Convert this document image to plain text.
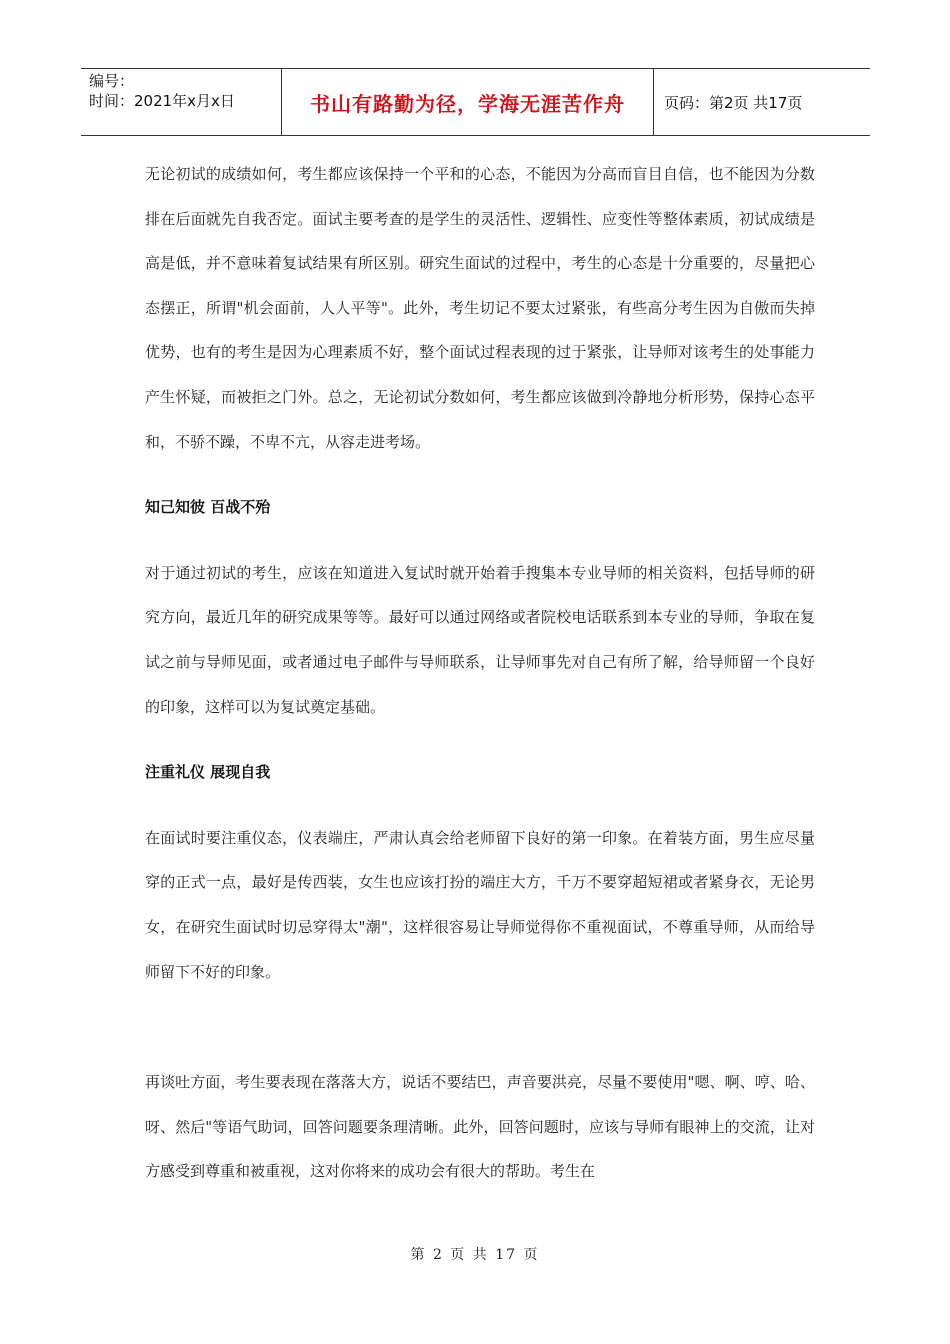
编号：
时间：2021年x月x日	书山有路勤为径，学海无涯苦作舟	页码：第2页 共17页

无论初试的成绩如何，考生都应该保持一个平和的心态，不能因为分高而盲目自信，也不能因为分数排在后面就先自我否定。面试主要考查的是学生的灵活性、逻辑性、应变性等整体素质，初试成绩是高是低，并不意味着复试结果有所区别。研究生面试的过程中，考生的心态是十分重要的，尽量把心态摆正，所谓"机会面前，人人平等"。此外，考生切记不要太过紧张，有些高分考生因为自傲而失掉优势，也有的考生是因为心理素质不好，整个面试过程表现的过于紧张，让导师对该考生的处事能力产生怀疑，而被拒之门外。总之，无论初试分数如何，考生都应该做到冷静地分析形势，保持心态平和，不骄不躁，不卑不亢，从容走进考场。

知己知彼 百战不殆

对于通过初试的考生，应该在知道进入复试时就开始着手搜集本专业导师的相关资料，包括导师的研究方向，最近几年的研究成果等等。最好可以通过网络或者院校电话联系到本专业的导师，争取在复试之前与导师见面，或者通过电子邮件与导师联系，让导师事先对自己有所了解，给导师留一个良好的印象，这样可以为复试奠定基础。

注重礼仪 展现自我

在面试时要注重仪态，仪表端庄，严肃认真会给老师留下良好的第一印象。在着装方面，男生应尽量穿的正式一点，最好是传西装，女生也应该打扮的端庄大方，千万不要穿超短裙或者紧身衣，无论男女，在研究生面试时切忌穿得太"潮"，这样很容易让导师觉得你不重视面试，不尊重导师，从而给导师留下不好的印象。

再谈吐方面，考生要表现在落落大方，说话不要结巴，声音要洪亮，尽量不要使用"嗯、啊、哼、哈、呀、然后"等语气助词，回答问题要条理清晰。此外，回答问题时，应该与导师有眼神上的交流，让对方感受到尊重和被重视，这对你将来的成功会有很大的帮助。考生在

第 2 页 共 17 页
